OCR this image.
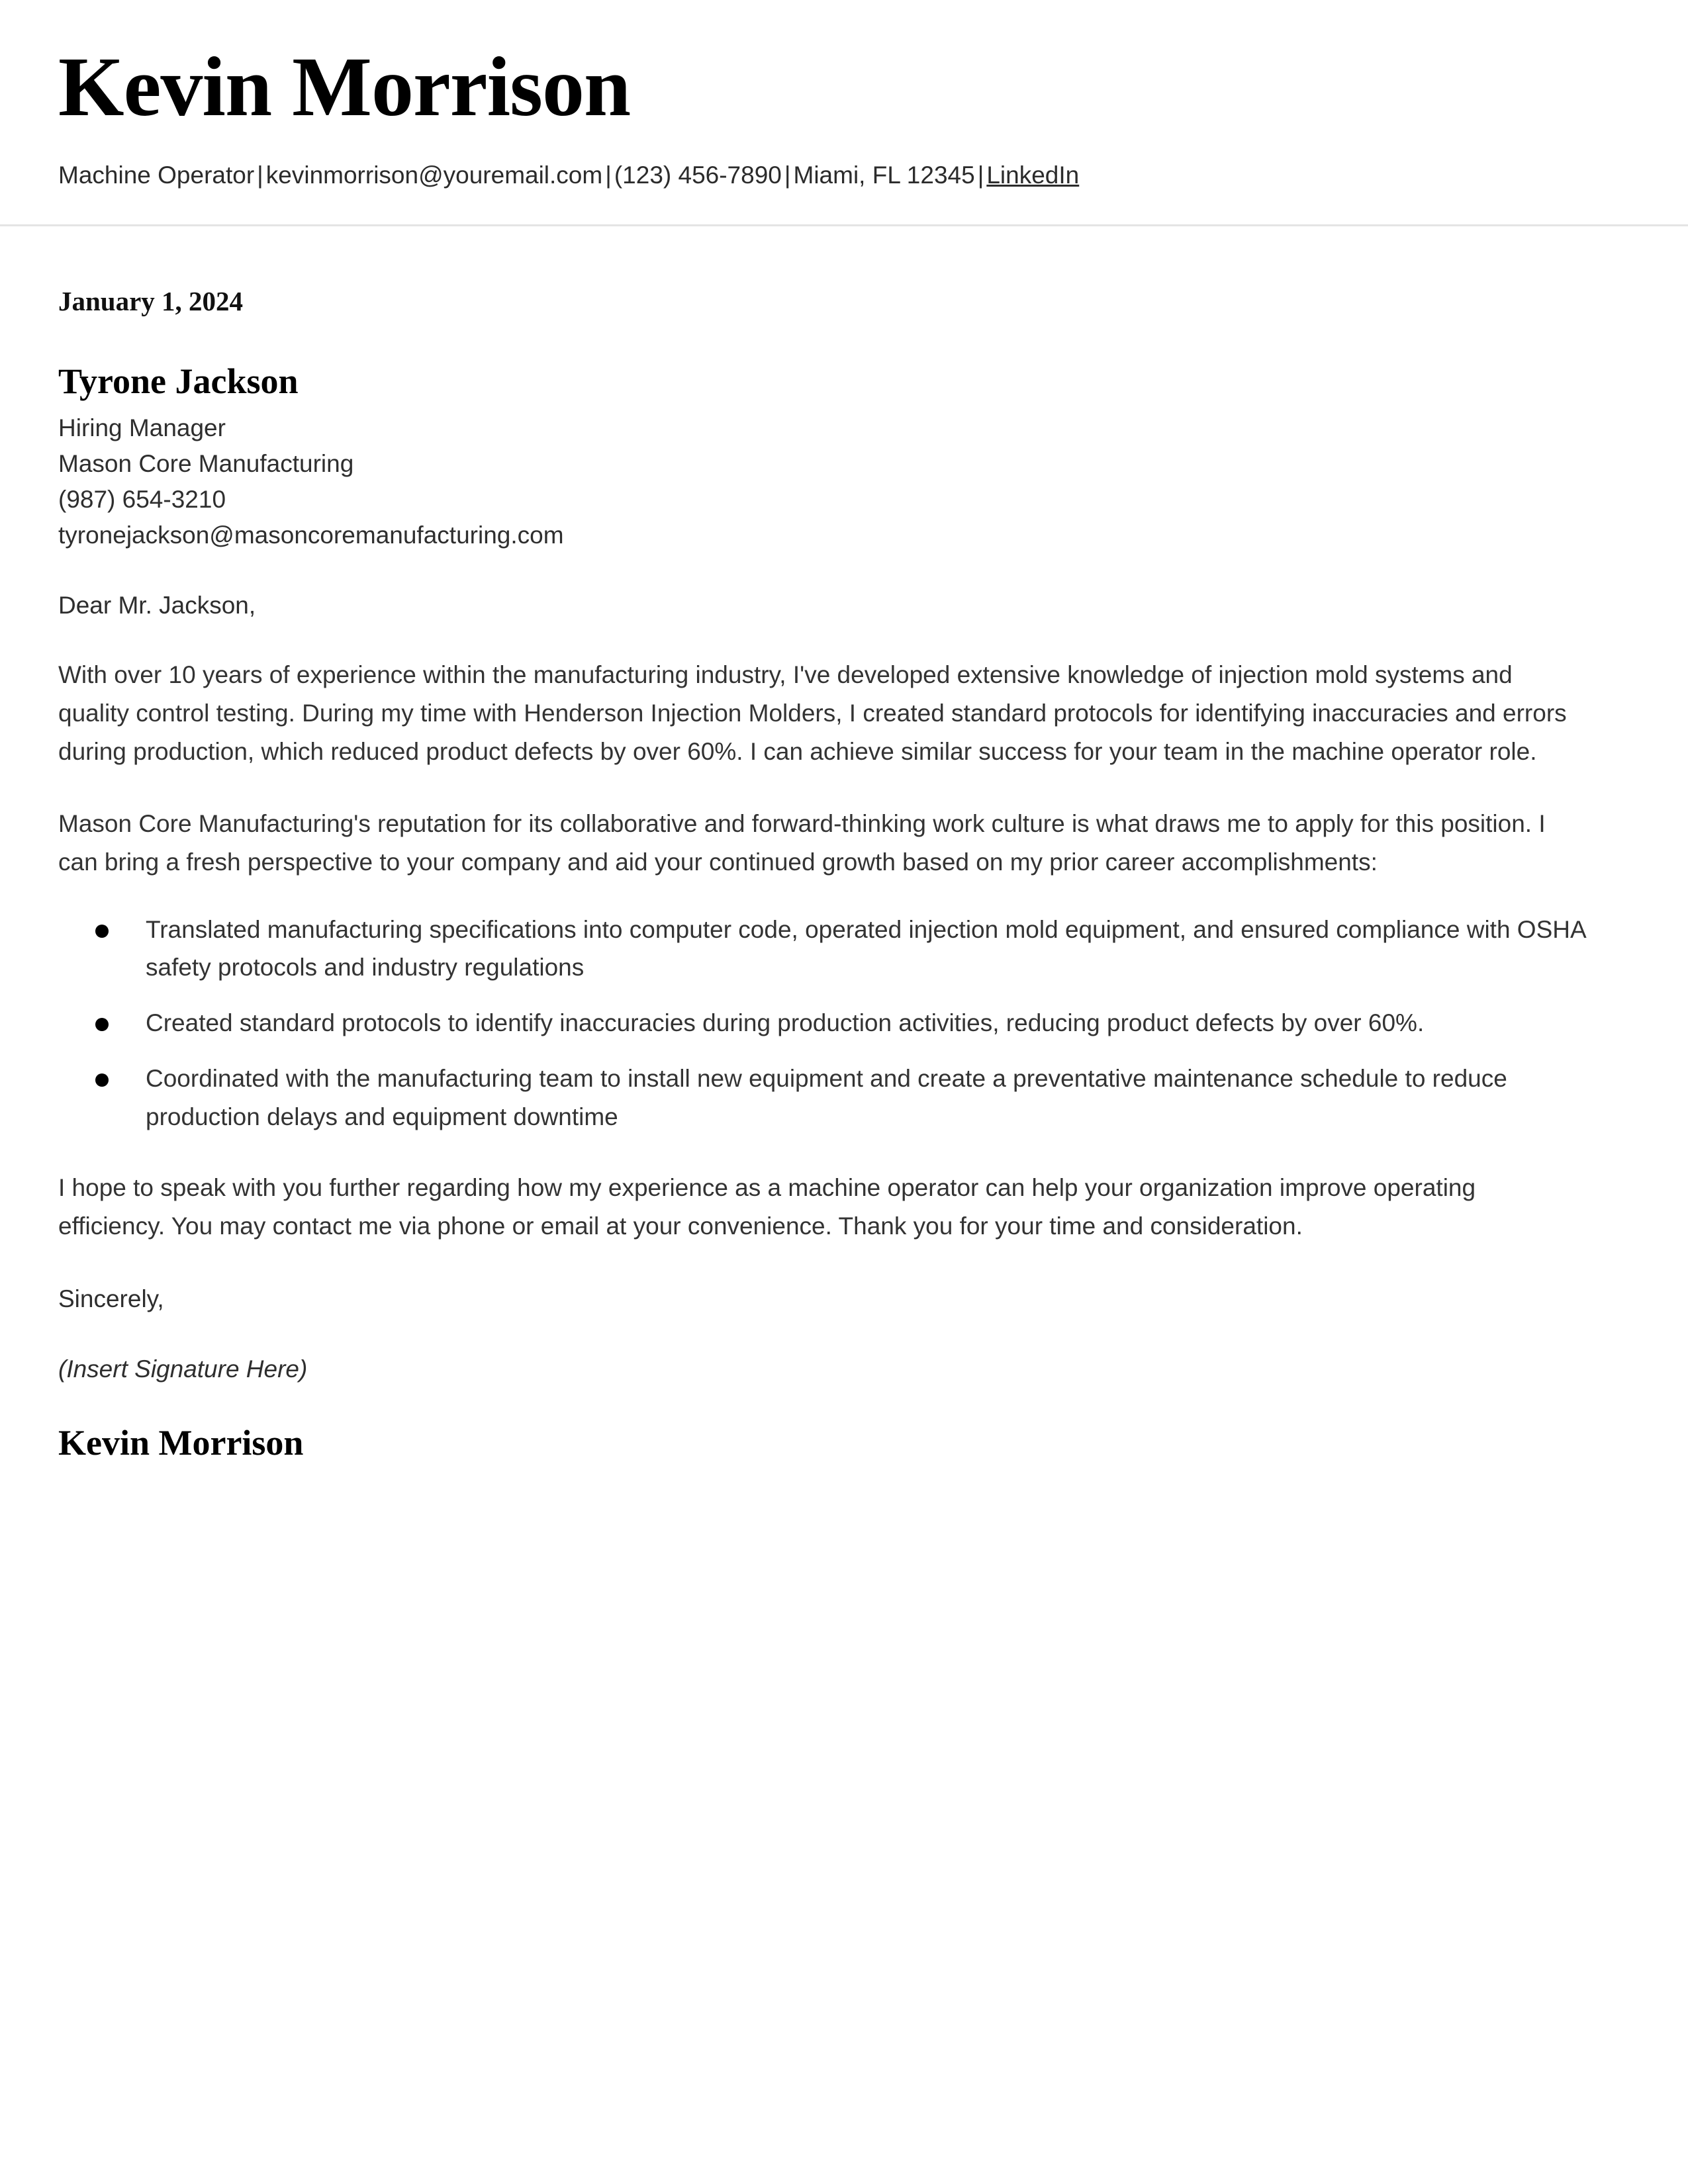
Kevin Morrison
Machine Operator | kevinmorrison@youremail.com | (123) 456-7890 | Miami, FL 12345 | LinkedIn
January 1, 2024
Tyrone Jackson
Hiring Manager
Mason Core Manufacturing
(987) 654-3210
tyronejackson@masoncoremanufacturing.com

Dear Mr. Jackson,

With over 10 years of experience within the manufacturing industry, I've developed extensive knowledge of injection mold systems and quality control testing. During my time with Henderson Injection Molders, I created standard protocols for identifying inaccuracies and errors during production, which reduced product defects by over 60%. I can achieve similar success for your team in the machine operator role.

Mason Core Manufacturing's reputation for its collaborative and forward-thinking work culture is what draws me to apply for this position. I can bring a fresh perspective to your company and aid your continued growth based on my prior career accomplishments:

Translated manufacturing specifications into computer code, operated injection mold equipment, and ensured compliance with OSHA safety protocols and industry regulations
Created standard protocols to identify inaccuracies during production activities, reducing product defects by over 60%.
Coordinated with the manufacturing team to install new equipment and create a preventative maintenance schedule to reduce production delays and equipment downtime

I hope to speak with you further regarding how my experience as a machine operator can help your organization improve operating efficiency. You may contact me via phone or email at your convenience. Thank you for your time and consideration.

Sincerely,

(Insert Signature Here)

Kevin Morrison
